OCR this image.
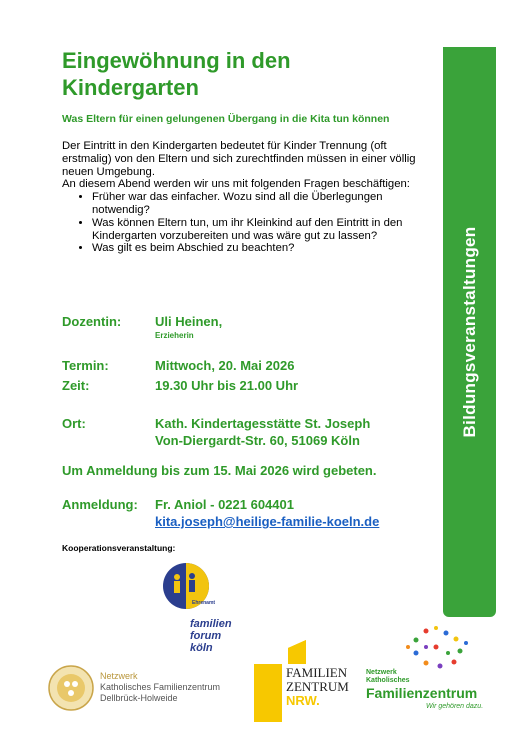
Eingewöhnung in den Kindergarten
Was Eltern für einen gelungenen Übergang in die Kita tun können

Der Eintritt in den Kindergarten bedeutet für Kinder Trennung (oft erstmalig) von den Eltern und sich zurechtfinden müssen in einer völlig neuen Umgebung.

An diesem Abend werden wir uns mit folgenden Fragen beschäftigen:

• Früher war das einfacher. Wozu sind all die Überlegungen notwendig?
• Was können Eltern tun, um ihr Kleinkind auf den Eintritt in den Kindergarten vorzubereiten und was wäre gut zu lassen?
• Was gilt es beim Abschied zu beachten?
Dozentin:	Uli Heinen,
Erzieherin
Termin:	Mittwoch, 20. Mai 2026
Zeit:	19.30 Uhr bis 21.00 Uhr
Ort:	Kath. Kindertagesstätte St. Joseph
Von-Diergardt-Str. 60, 51069 Köln
Um Anmeldung bis zum 15. Mai 2026 wird gebeten.
Anmeldung: Fr. Aniol - 0221 604401
kita.joseph@heilige-familie-koeln.de
Bildungsveranstaltungen
Kooperationsveranstaltung:
Ehrenamt
familien
forum
köln
Netzwerk
Katholisches Familienzentrum
Dellbrück-Holweide
FAMILIEN
ZENTRUM
NRW.
Netzwerk
Katholisches
Familienzentrum
Wir gehören dazu.
